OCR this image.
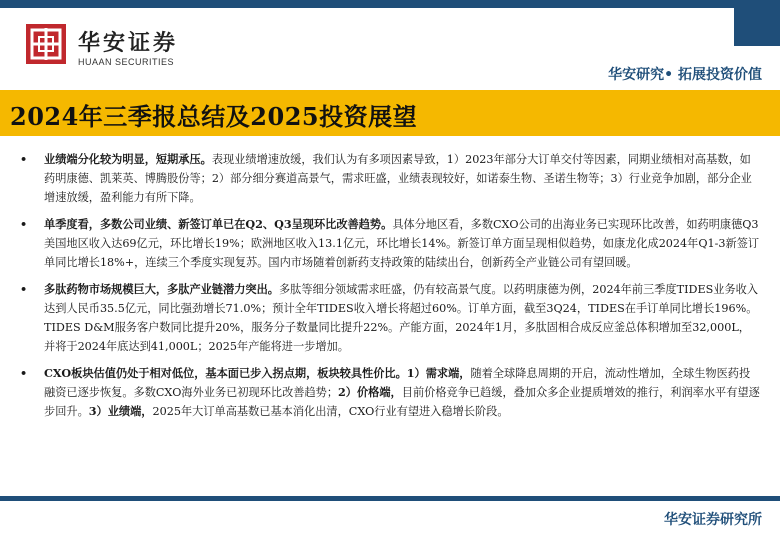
华安证券
HUAAN SECURITIES
华安研究• 拓展投资价值
2024年三季报总结及2025投资展望
• 业绩端分化较为明显，短期承压。表现业绩增速放缓，我们认为有多项因素导致，1）2023年部分大订单交付等因素，同期业绩相对高基数，如药明康德、凯莱英、博腾股份等；2）部分细分赛道高景气，需求旺盛，业绩表现较好，如诺泰生物、圣诺生物等；3）行业竞争加剧，部分企业增速放缓，盈利能力有所下降。
• 单季度看，多数公司业绩、新签订单已在Q2、Q3呈现环比改善趋势。具体分地区看，多数CXO公司的出海业务已实现环比改善，如药明康德Q3美国地区收入达69亿元，环比增长19%；欧洲地区收入13.1亿元，环比增长14%。新签订单方面呈现相似趋势，如康龙化成2024年Q1-3新签订单同比增长18%+，连续三个季度实现复苏。国内市场随着创新药支持政策的陆续出台，创新药全产业链公司有望回暖。
• 多肽药物市场规模巨大，多肽产业链潜力突出。多肽等细分领域需求旺盛，仍有较高景气度。以药明康德为例，2024年前三季度TIDES业务收入达到人民币35.5亿元，同比强劲增长71.0%；预计全年TIDES收入增长将超过60%。订单方面，截至3Q24，TIDES在手订单同比增长196%。TIDES D&M服务客户数同比提升20%，服务分子数量同比提升22%。产能方面，2024年1月，多肽固相合成反应釜总体积增加至32,000L，并将于2024年底达到41,000L；2025年产能将进一步增加。
• CXO板块估值仍处于相对低位，基本面已步入拐点期，板块较具性价比。1）需求端，随着全球降息周期的开启，流动性增加，全球生物医药投融资已逐步恢复。多数CXO海外业务已初现环比改善趋势；2）价格端，目前价格竞争已趋缓，叠加众多企业提质增效的推行，利润率水平有望逐步回升。3）业绩端，2025年大订单高基数已基本消化出清，CXO行业有望进入稳增长阶段。
华安证券研究所
